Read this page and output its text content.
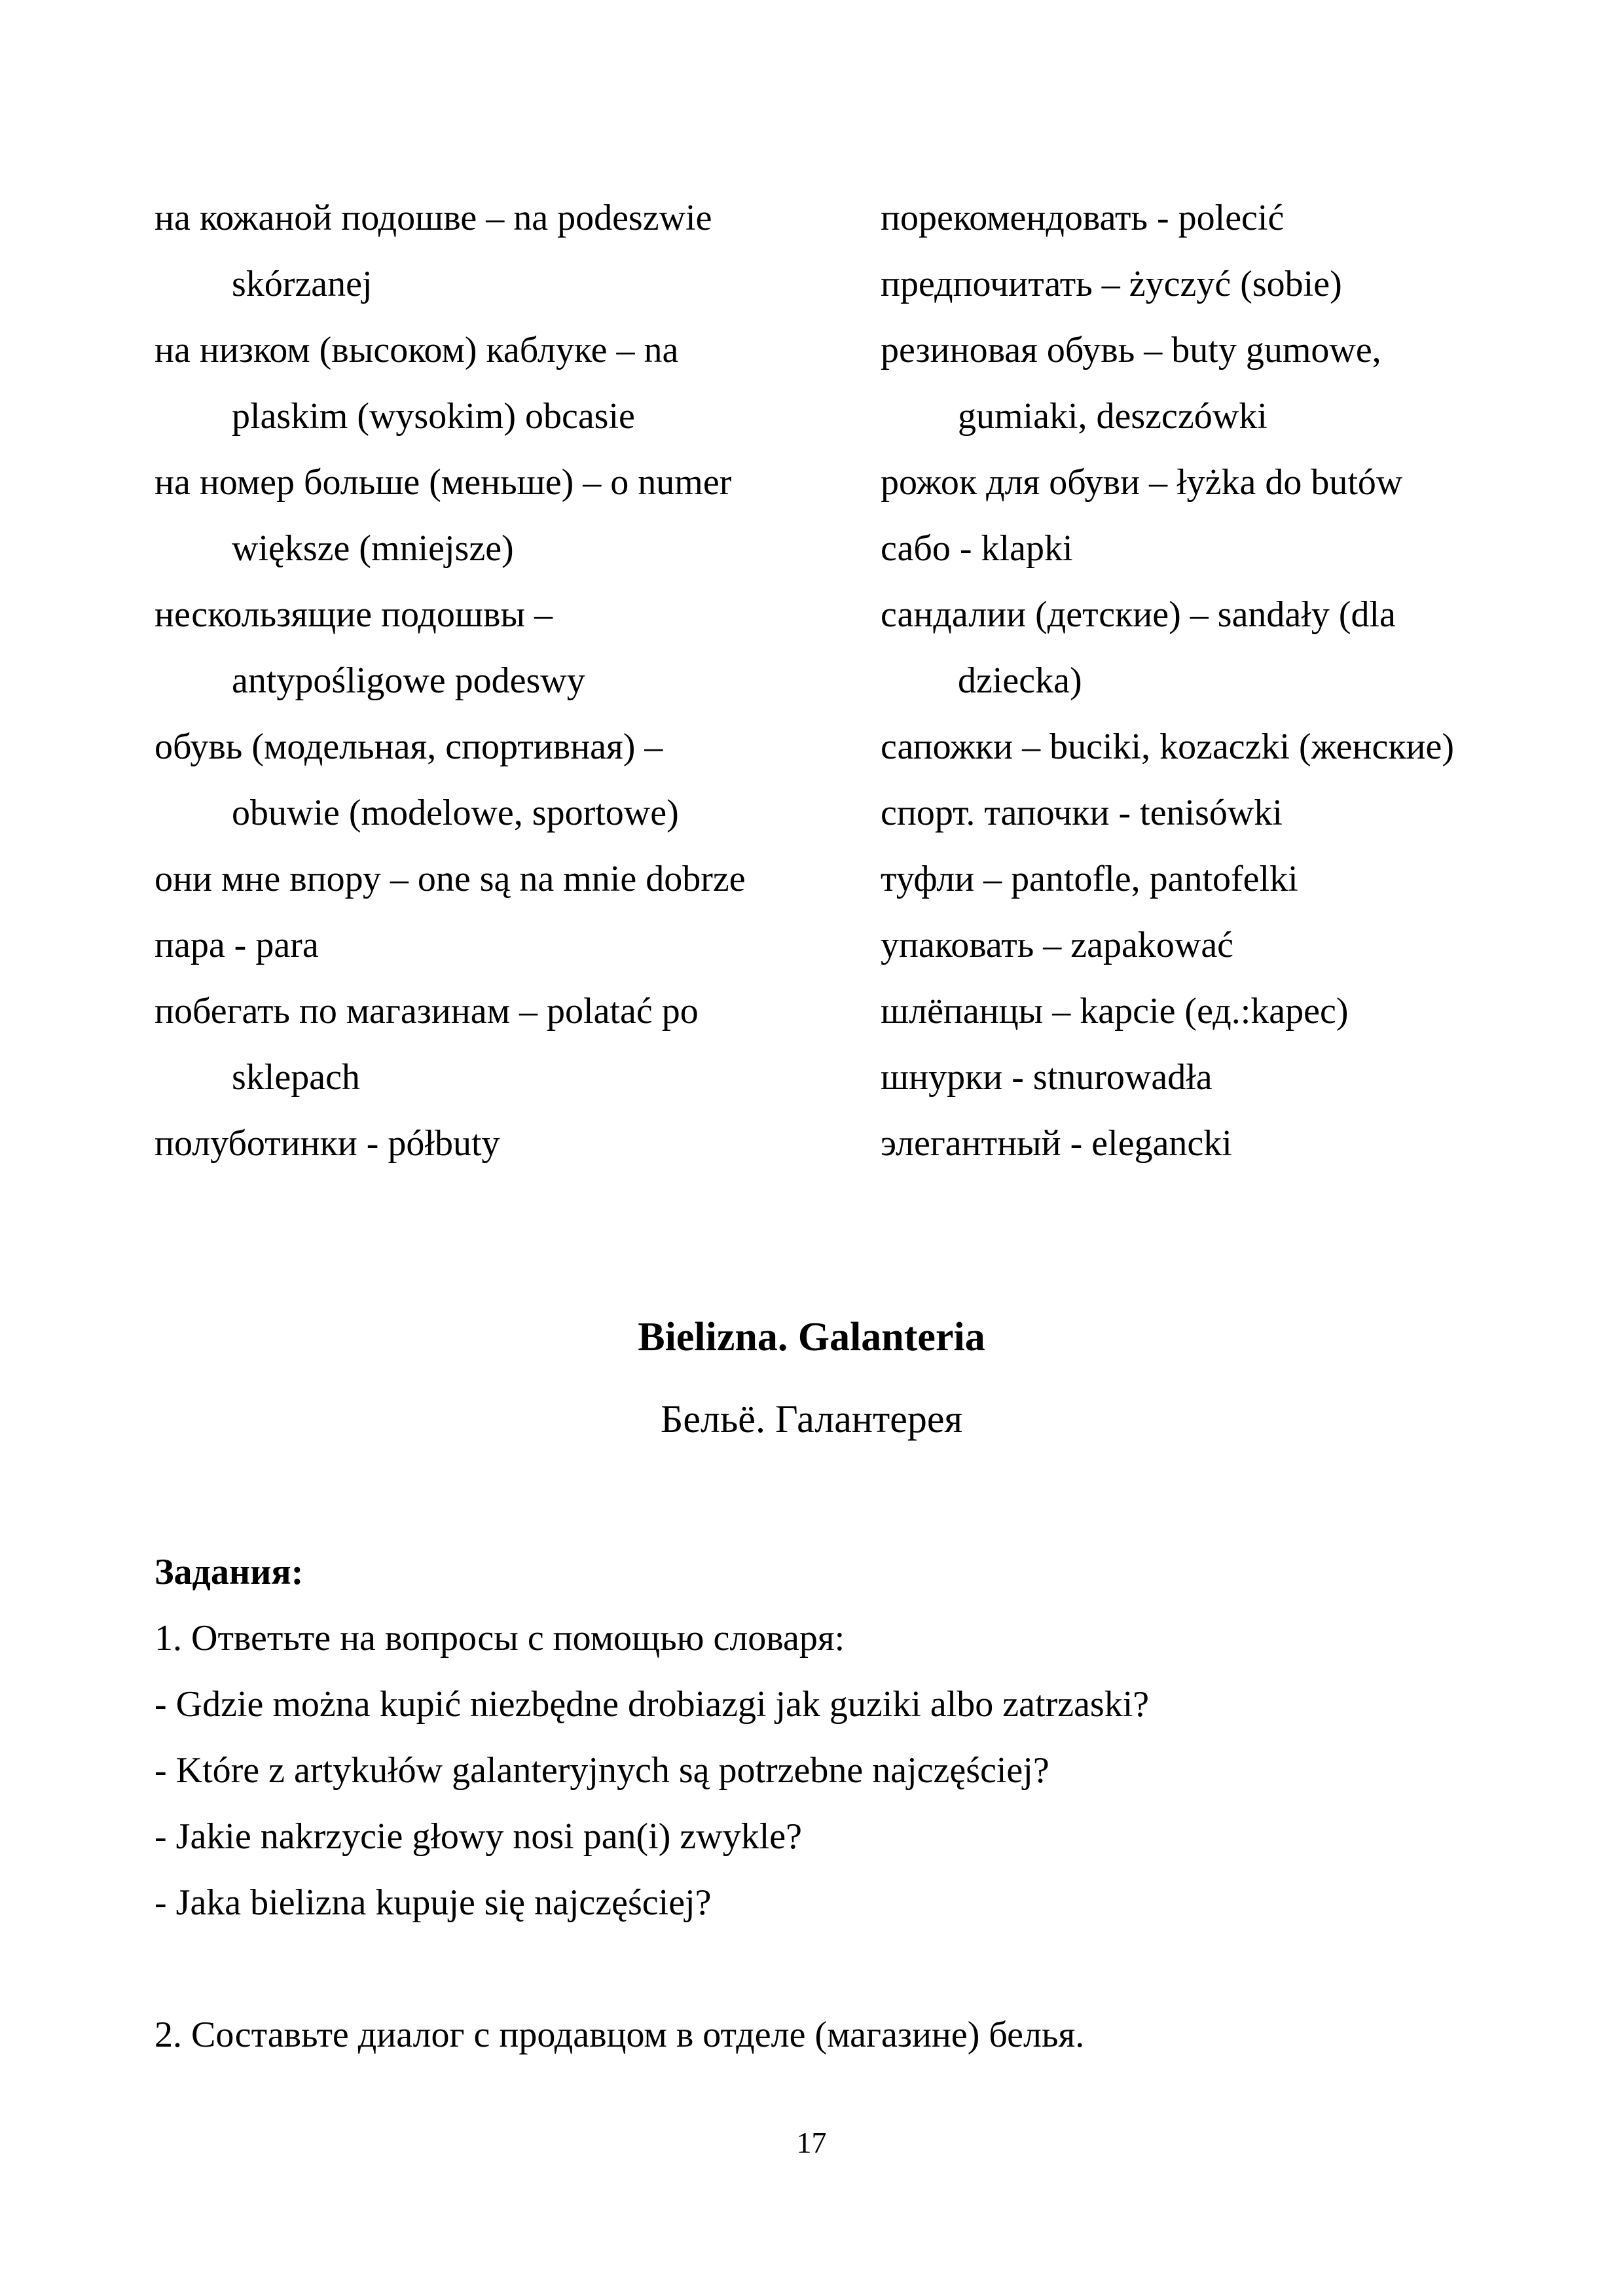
на кожаной подошве – na podeszwie
skórzanej
на низком (высоком) каблуке – na
plaskim (wysokim) obcasie
на номер больше (меньше) – o numer
większe (mniejsze)
нескользящие подошвы –
antypośligowe podeswy
обувь (модельная, спортивная) –
obuwie (modelowe, sportowe)
они мне впору – one są na mnie dobrze
пара - para
побегать по магазинам – polatać po
sklepach
полуботинки - półbuty
порекомендовать - polecić
предпочитать – życzyć (sobie)
резиновая обувь – buty gumowe,
gumiaki, deszczówki
рожок для обуви – łyżka do butów
сабо - klapki
сандалии (детские) – sandały (dla
dziecka)
сапожки – buciki, kozaczki (женские)
спорт. тапочки - tenisówki
туфли – pantofle, pantofelki
упаковать – zapakować
шлёпанцы – kapcie (ед.:kapec)
шнурки - stnurowadła
элегантный - elegancki
Bielizna. Galanteria
Бельё. Галантерея
Задания:
1. Ответьте на вопросы с помощью словаря:
- Gdzie można kupić niezbędne drobiazgi jak guziki albo zatrzaski?
- Które z artykułów galanteryjnych są potrzebne najczęściej?
- Jakie nakrzycie głowy nosi pan(i) zwykle?
- Jaka bielizna kupuje się najczęściej?
2. Составьте диалог с продавцом в отделе (магазине) белья.
17
